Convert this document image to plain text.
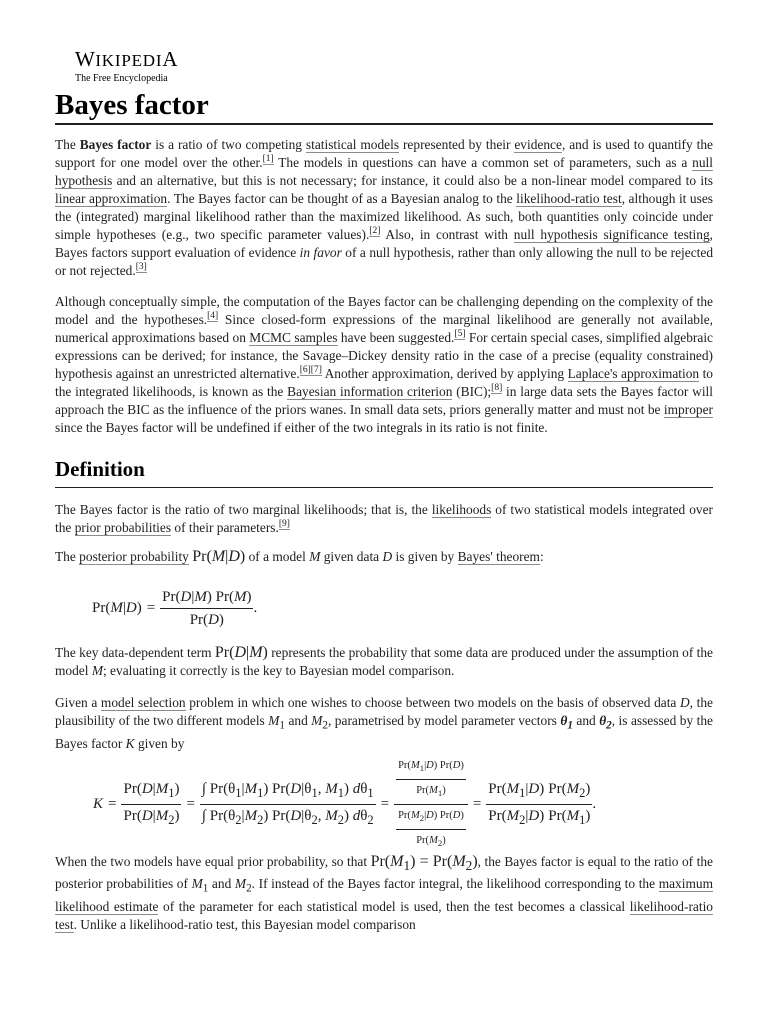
WIKIPEDIA
The Free Encyclopedia
Bayes factor

The Bayes factor is a ratio of two competing statistical models represented by their evidence, and is used to quantify the support for one model over the other.[1] The models in questions can have a common set of parameters, such as a null hypothesis and an alternative, but this is not necessary; for instance, it could also be a non-linear model compared to its linear approximation. The Bayes factor can be thought of as a Bayesian analog to the likelihood-ratio test, although it uses the (integrated) marginal likelihood rather than the maximized likelihood. As such, both quantities only coincide under simple hypotheses (e.g., two specific parameter values).[2] Also, in contrast with null hypothesis significance testing, Bayes factors support evaluation of evidence in favor of a null hypothesis, rather than only allowing the null to be rejected or not rejected.[3]

Although conceptually simple, the computation of the Bayes factor can be challenging depending on the complexity of the model and the hypotheses.[4] Since closed-form expressions of the marginal likelihood are generally not available, numerical approximations based on MCMC samples have been suggested.[5] For certain special cases, simplified algebraic expressions can be derived; for instance, the Savage–Dickey density ratio in the case of a precise (equality constrained) hypothesis against an unrestricted alternative.[6][7] Another approximation, derived by applying Laplace's approximation to the integrated likelihoods, is known as the Bayesian information criterion (BIC);[8] in large data sets the Bayes factor will approach the BIC as the influence of the priors wanes. In small data sets, priors generally matter and must not be improper since the Bayes factor will be undefined if either of the two integrals in its ratio is not finite.

Definition

The Bayes factor is the ratio of two marginal likelihoods; that is, the likelihoods of two statistical models integrated over the prior probabilities of their parameters.[9]

The posterior probability Pr(M|D) of a model M given data D is given by Bayes' theorem:

$Pr(M|D) = \frac{Pr(D|M) Pr(M)}{Pr(D)}$ .

The key data-dependent term Pr(D|M) represents the probability that some data are produced under the assumption of the model M; evaluating it correctly is the key to Bayesian model comparison.

Given a model selection problem in which one wishes to choose between two models on the basis of observed data D, the plausibility of the two different models $M_1$ and $M_2$, parametrised by model parameter vectors $\theta_1$ and $\theta_2$, is assessed by the Bayes factor K given by

$K = \frac{Pr(D|M_1)}{Pr(D|M_2)} = \frac{\int Pr(\theta_1|M_1) Pr(D|\theta_1, M_1) d\theta_1}{\int Pr(\theta_2|M_2) Pr(D|\theta_2, M_2) d\theta_2} = \frac{\frac{Pr(M_1|D) Pr(D)}{Pr(M_1)}}{\frac{Pr(M_2|D) Pr(D)}{Pr(M_2)}} = \frac{Pr(M_1|D)}{Pr(M_2|D)} \frac{Pr(M_2)}{Pr(M_1)}$ .

When the two models have equal prior probability, so that $Pr(M_1) = Pr(M_2)$, the Bayes factor is equal to the ratio of the posterior probabilities of $M_1$ and $M_2$. If instead of the Bayes factor integral, the likelihood corresponding to the maximum likelihood estimate of the parameter for each statistical model is used, then the test becomes a classical likelihood-ratio test. Unlike a likelihood-ratio test, this Bayesian model comparison
